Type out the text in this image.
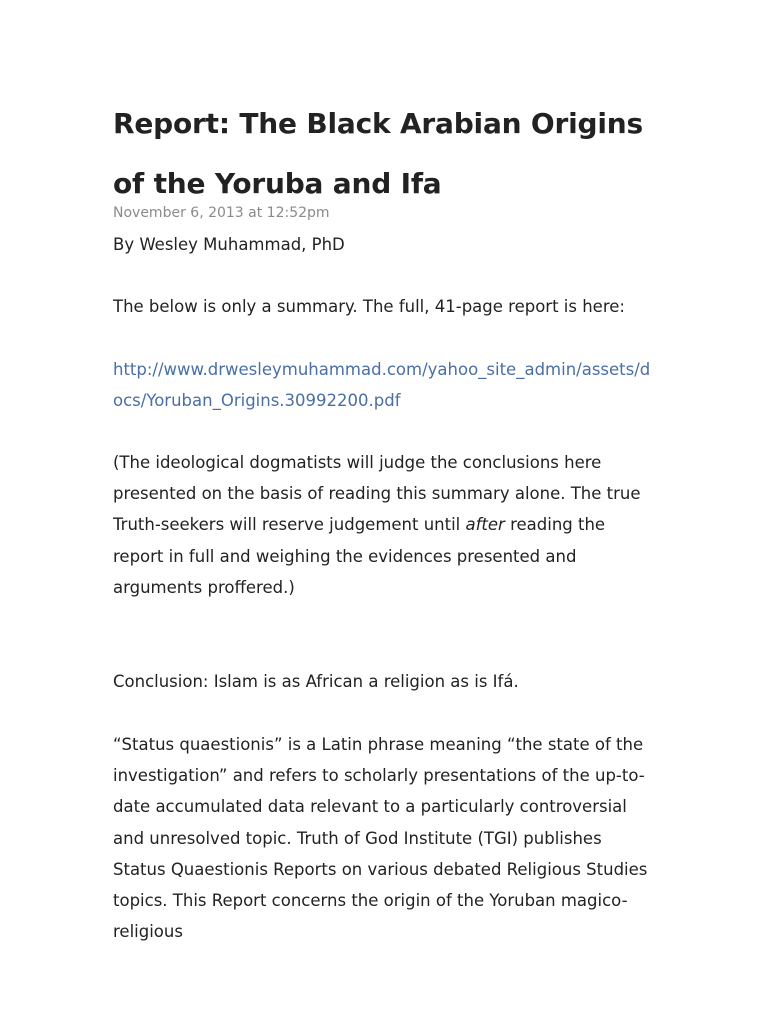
Report: The Black Arabian Origins of the Yoruba and Ifa
November 6, 2013 at 12:52pm
By Wesley Muhammad, PhD

The below is only a summary. The full, 41-page report is here:

http://www.drwesleymuhammad.com/yahoo_site_admin/assets/docs/Yoruban_Origins.30992200.pdf

(The ideological dogmatists will judge the conclusions here presented on the basis of reading this summary alone. The true Truth-seekers will reserve judgement until after reading the report in full and weighing the evidences presented and arguments proffered.)

Conclusion: Islam is as African a religion as is Ifá.

“Status quaestionis” is a Latin phrase meaning “the state of the investigation” and refers to scholarly presentations of the up-to-date accumulated data relevant to a particularly controversial and unresolved topic. Truth of God Institute (TGI) publishes Status Quaestionis Reports on various debated Religious Studies topics. This Report concerns the origin of the Yoruban magico-religious
